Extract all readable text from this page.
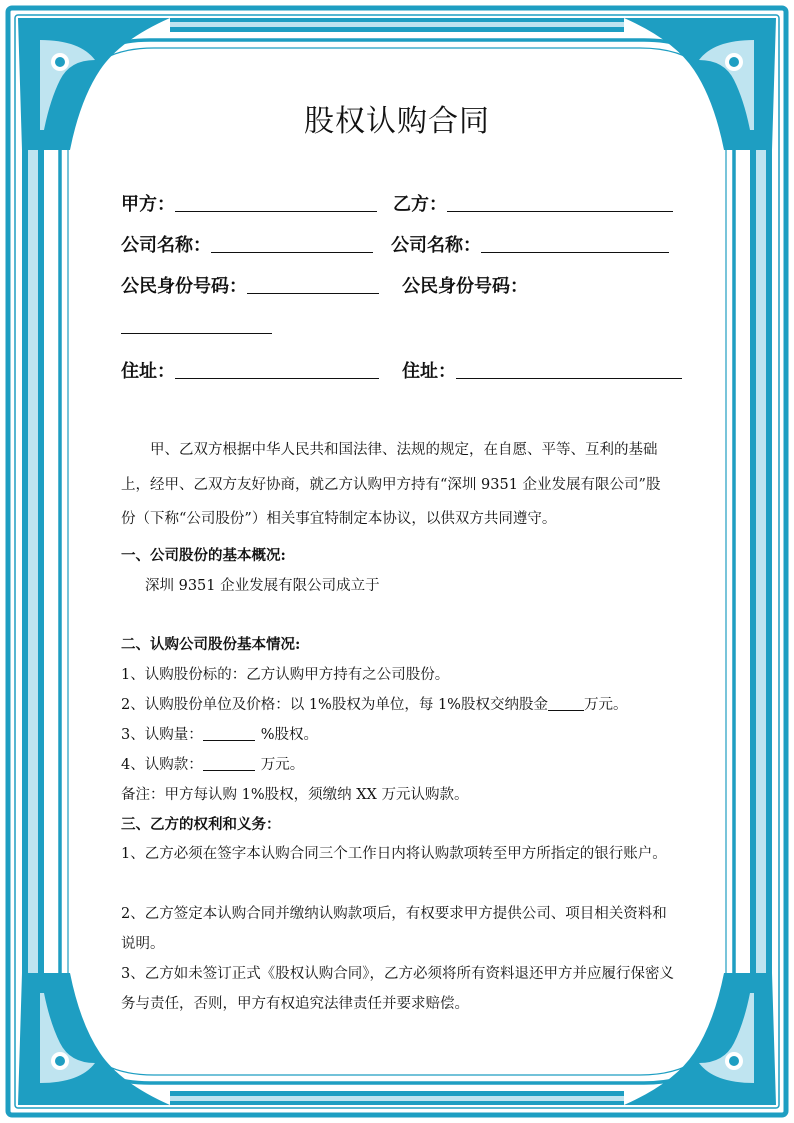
股权认购合同
甲方：	乙方：
公司名称：	公司名称：
公民身份号码：	公民身份号码：
住址：	住址：
甲、乙双方根据中华人民共和国法律、法规的规定，在自愿、平等、互利的基础上，经甲、乙双方友好协商，就乙方认购甲方持有“深圳 9351 企业发展有限公司”股份（下称“公司股份”）相关事宜特制定本协议，以供双方共同遵守。
一、公司股份的基本概况:
深圳 9351 企业发展有限公司成立于
二、认购公司股份基本情况:
1、认购股份标的：乙方认购甲方持有之公司股份。
2、认购股份单位及价格：以 1%股权为单位，每 1%股权交纳股金 万元。
3、认购量：	%股权。
4、认购款：	万元。
备注：甲方每认购 1%股权，须缴纳 XX 万元认购款。
三、乙方的权利和义务：
1、乙方必须在签字本认购合同三个工作日内将认购款项转至甲方所指定的银行账户。
2、乙方签定本认购合同并缴纳认购款项后，有权要求甲方提供公司、项目相关资料和说明。
3、乙方如未签订正式《股权认购合同》，乙方必须将所有资料退还甲方并应履行保密义务与责任，否则，甲方有权追究法律责任并要求赔偿。
